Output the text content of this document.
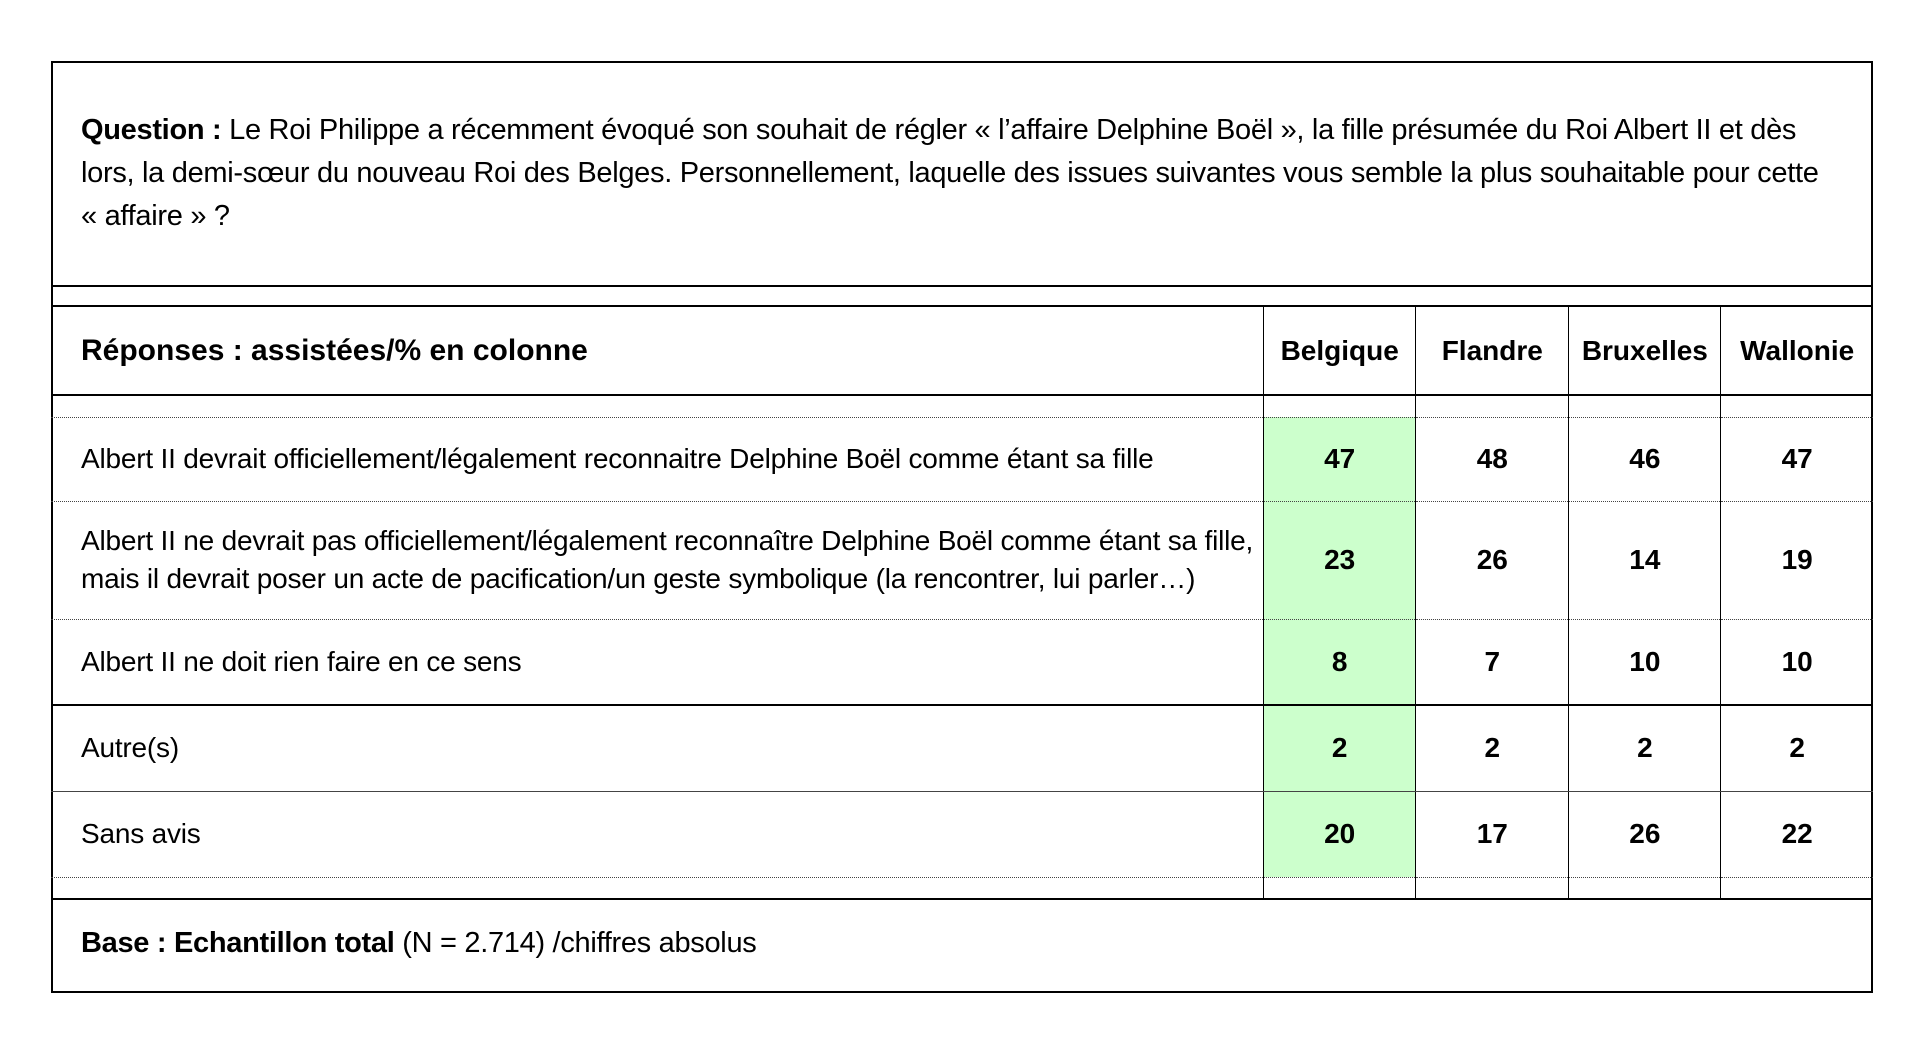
Question : Le Roi Philippe a récemment évoqué son souhait de régler « l’affaire Delphine Boël », la fille présumée du Roi Albert II et dès lors, la demi-sœur du nouveau Roi des Belges. Personnellement, laquelle des issues suivantes vous semble la plus souhaitable pour cette « affaire » ?
Réponses : assistées/% en colonne	Belgique	Flandre	Bruxelles	Wallonie

Albert II devrait officiellement/légalement reconnaitre Delphine Boël comme étant sa fille	47	48	46	47
Albert II ne devrait pas officiellement/légalement reconnaître Delphine Boël comme étant sa fille,
mais il devrait poser un acte de pacification/un geste symbolique (la rencontrer, lui parler…)	23	26	14	19
Albert II ne doit rien faire en ce sens	8	7	10	10
Autre(s)	2	2	2	2
Sans avis	20	17	26	22

Base : Echantillon total (N = 2.714) /chiffres absolus
